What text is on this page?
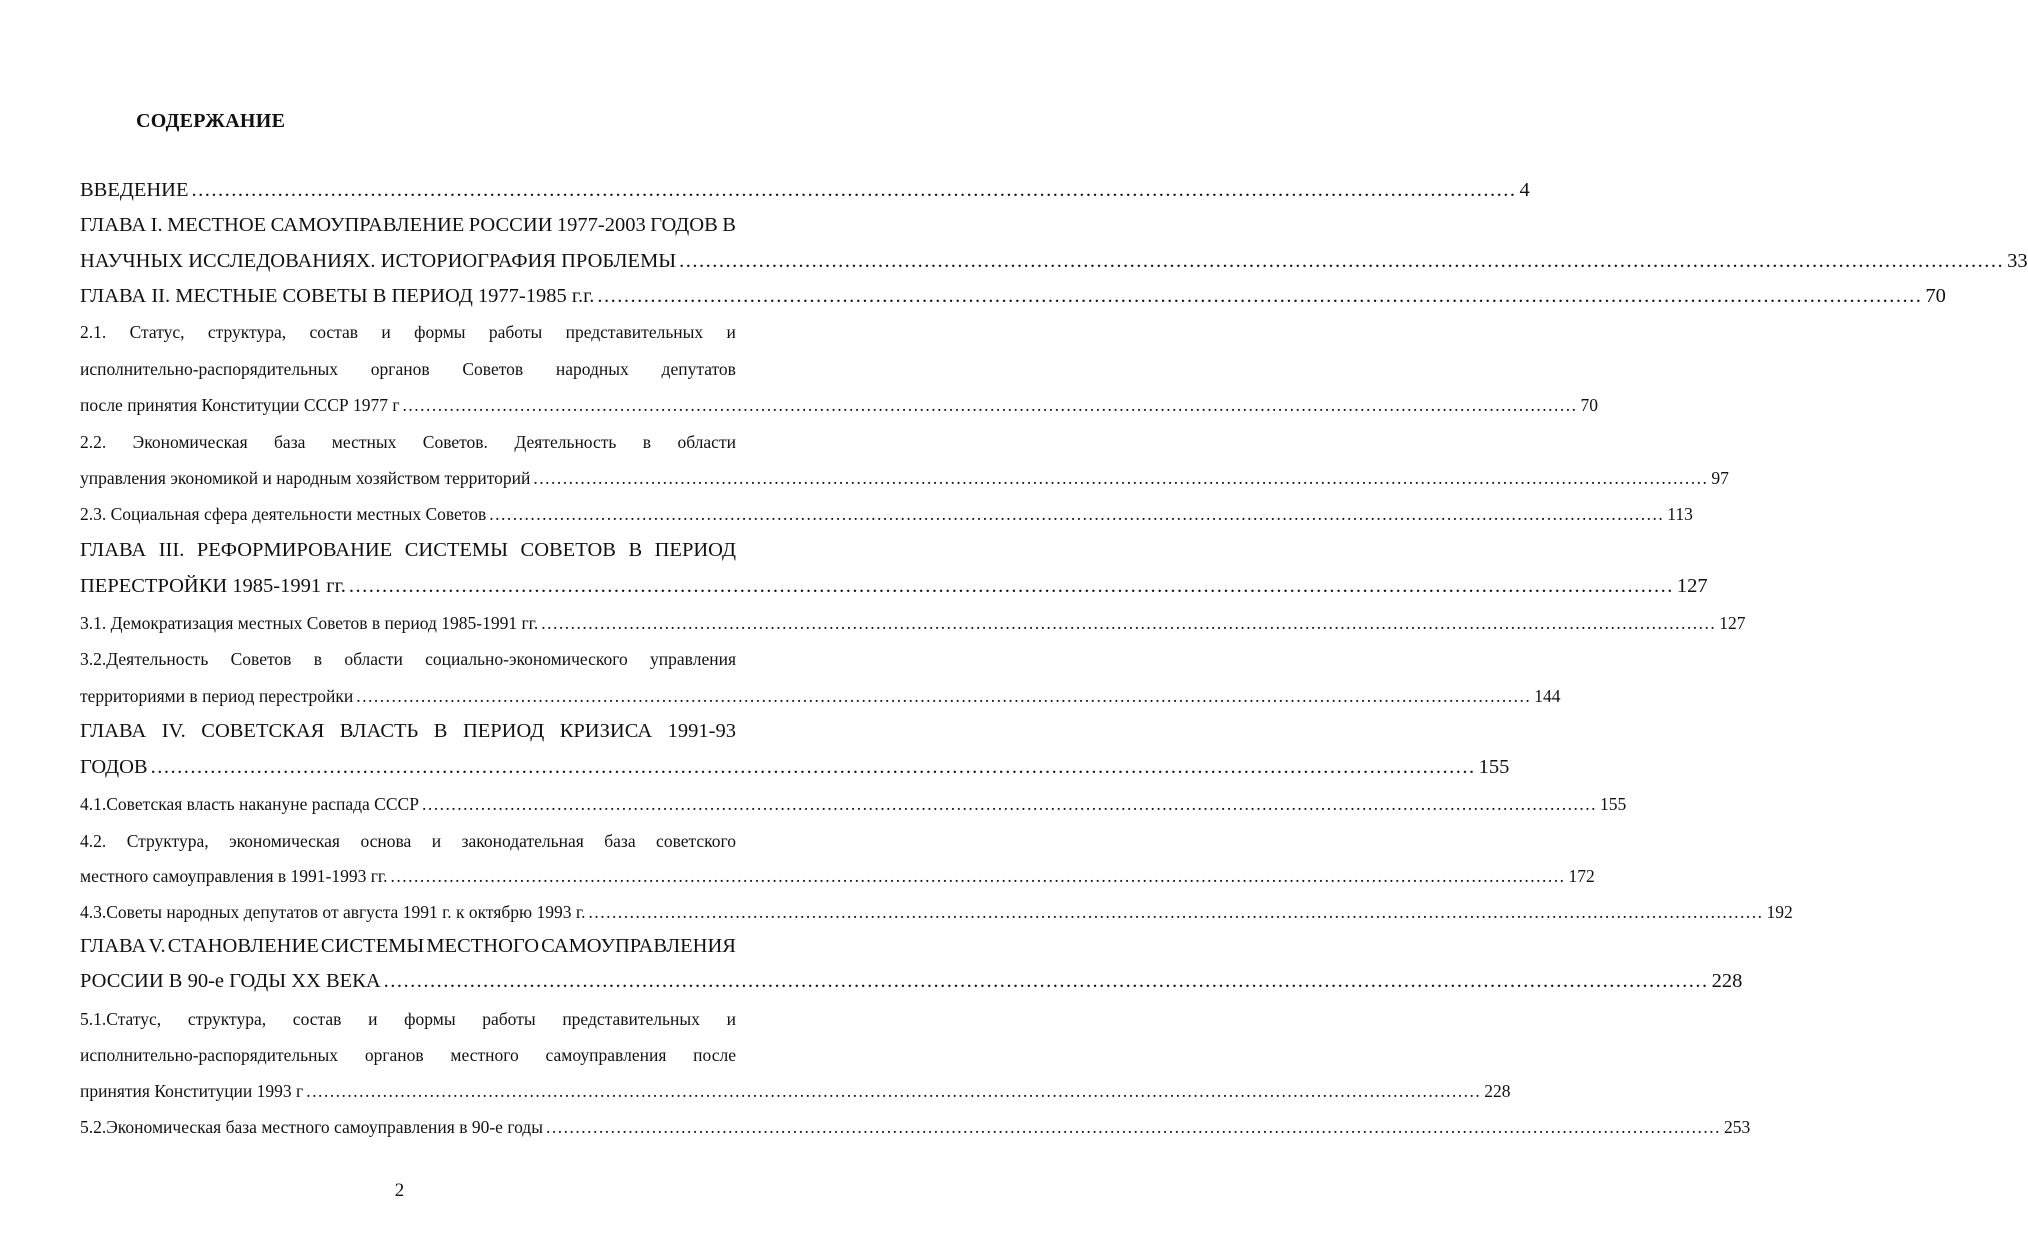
СОДЕРЖАНИЕ
ВВЕДЕНИЕ ........................................................................................................................................................................................................ 4
ГЛАВА I. МЕСТНОЕ САМОУПРАВЛЕНИЕ РОССИИ 1977-2003 ГОДОВ В
НАУЧНЫХ ИССЛЕДОВАНИЯХ. ИСТОРИОГРАФИЯ ПРОБЛЕМЫ ........................................................................................................................................................................................................ 33
ГЛАВА II. МЕСТНЫЕ СОВЕТЫ В ПЕРИОД 1977-1985 г.г. ........................................................................................................................................................................................................ 70
2.1. Статус, структура, состав и формы работы представительных и
исполнительно-распорядительных органов Советов народных депутатов
после принятия Конституции СССР 1977 г ........................................................................................................................................................................................................ 70
2.2. Экономическая база местных Советов. Деятельность в области
управления экономикой и народным хозяйством территорий ........................................................................................................................................................................................................ 97
2.3. Социальная сфера деятельности местных Советов ........................................................................................................................................................................................................ 113
ГЛАВА III. РЕФОРМИРОВАНИЕ СИСТЕМЫ СОВЕТОВ В ПЕРИОД
ПЕРЕСТРОЙКИ 1985-1991 гг. ........................................................................................................................................................................................................ 127
3.1. Демократизация местных Советов в период 1985-1991 гг. ........................................................................................................................................................................................................ 127
3.2.Деятельность Советов в области социально-экономического управления
территориями в период перестройки ........................................................................................................................................................................................................ 144
ГЛАВА IV. СОВЕТСКАЯ ВЛАСТЬ В ПЕРИОД КРИЗИСА 1991-93
ГОДОВ ........................................................................................................................................................................................................ 155
4.1.Советская власть накануне распада СССР ........................................................................................................................................................................................................ 155
4.2. Структура, экономическая основа и законодательная база советского
местного самоуправления в 1991-1993 гг. ........................................................................................................................................................................................................ 172
4.3.Советы народных депутатов от августа 1991 г. к октябрю 1993 г. ........................................................................................................................................................................................................ 192
ГЛАВА V. СТАНОВЛЕНИЕ СИСТЕМЫ МЕСТНОГО САМОУПРАВЛЕНИЯ
РОССИИ В 90-е ГОДЫ XX ВЕКА ........................................................................................................................................................................................................ 228
5.1.Статус, структура, состав и формы работы представительных и
исполнительно-распорядительных органов местного самоуправления после
принятия Конституции 1993 г ........................................................................................................................................................................................................ 228
5.2.Экономическая база местного самоуправления в 90-е годы ........................................................................................................................................................................................................ 253
2
